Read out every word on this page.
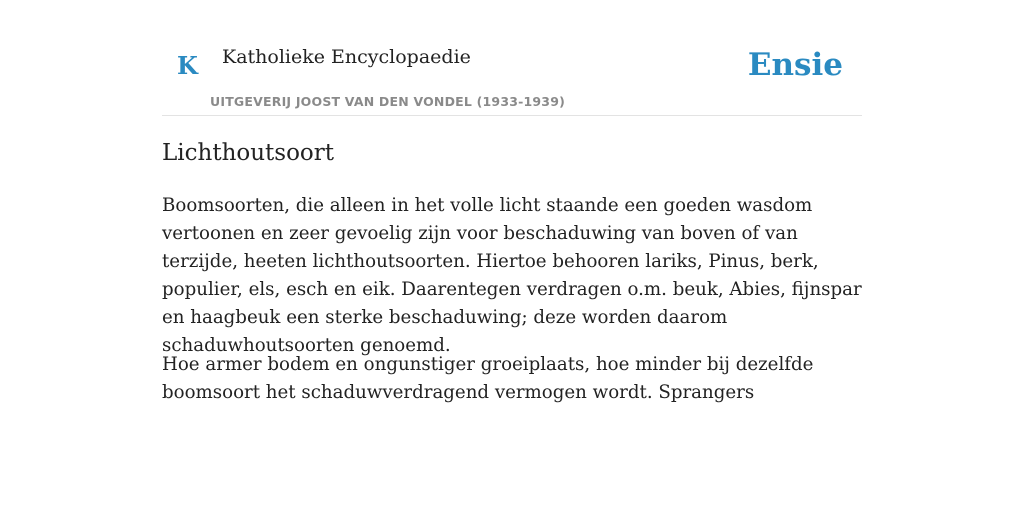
K Katholieke Encyclopaedie
UITGEVERIJ JOOST VAN DEN VONDEL (1933-1939)
Ensie
Lichthoutsoort

Boomsoorten, die alleen in het volle licht staande een goeden wasdom vertoonen en zeer gevoelig zijn voor beschaduwing van boven of van terzijde, heeten lichthoutsoorten. Hiertoe behooren lariks, Pinus, berk, populier, els, esch en eik. Daarentegen verdragen o.m. beuk, Abies, fijnspar en haagbeuk een sterke beschaduwing; deze worden daarom schaduwhoutsoorten genoemd.

Hoe armer bodem en ongunstiger groeiplaats, hoe minder bij dezelfde boomsoort het schaduwverdragend vermogen wordt. Sprangers
